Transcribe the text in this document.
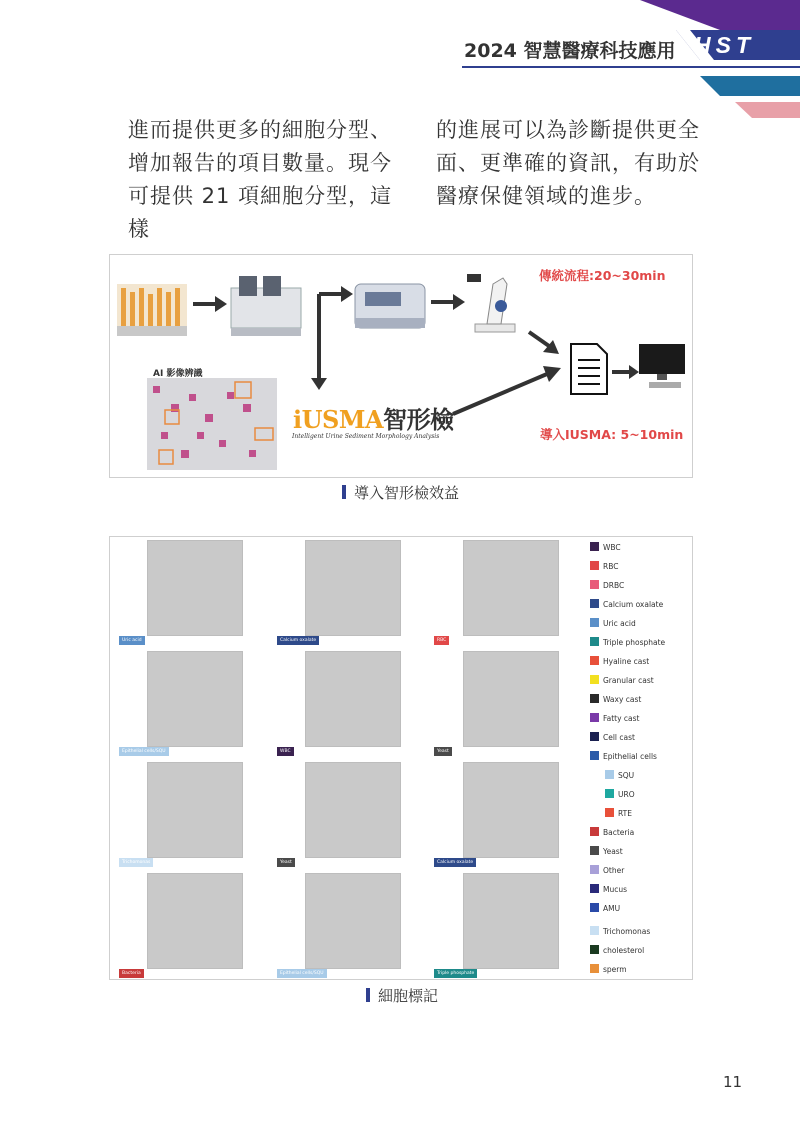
2024 智慧醫療科技應用 HST
進而提供更多的細胞分型、
增加報告的項目數量。現今
可提供 21 項細胞分型，這樣
的進展可以為診斷提供更全
面、更準確的資訊，有助於
醫療保健領域的進步。
AI 影像辨識
傳統流程:20~30min
導入IUSMA: 5~10min
iUSMA智形檢
Intelligent Urine Sediment Morphology Analysis
導入智形檢效益
Uric acid	Calcium oxalate	RBC
Epithelial cells/SQU	WBC	Yeast
Trichomonas	Yeast	Calcium oxalate
Bacteria	Epithelial cells/SQU	Triple phosphate
WBC
RBC
DRBC
Calcium oxalate
Uric acid
Triple phosphate
Hyaline cast
Granular cast
Waxy cast
Fatty cast
Cell cast
Epithelial cells
SQU
URO
RTE
Bacteria
Yeast
Other
Mucus
AMU
Trichomonas
cholesterol
sperm
細胞標記
11
